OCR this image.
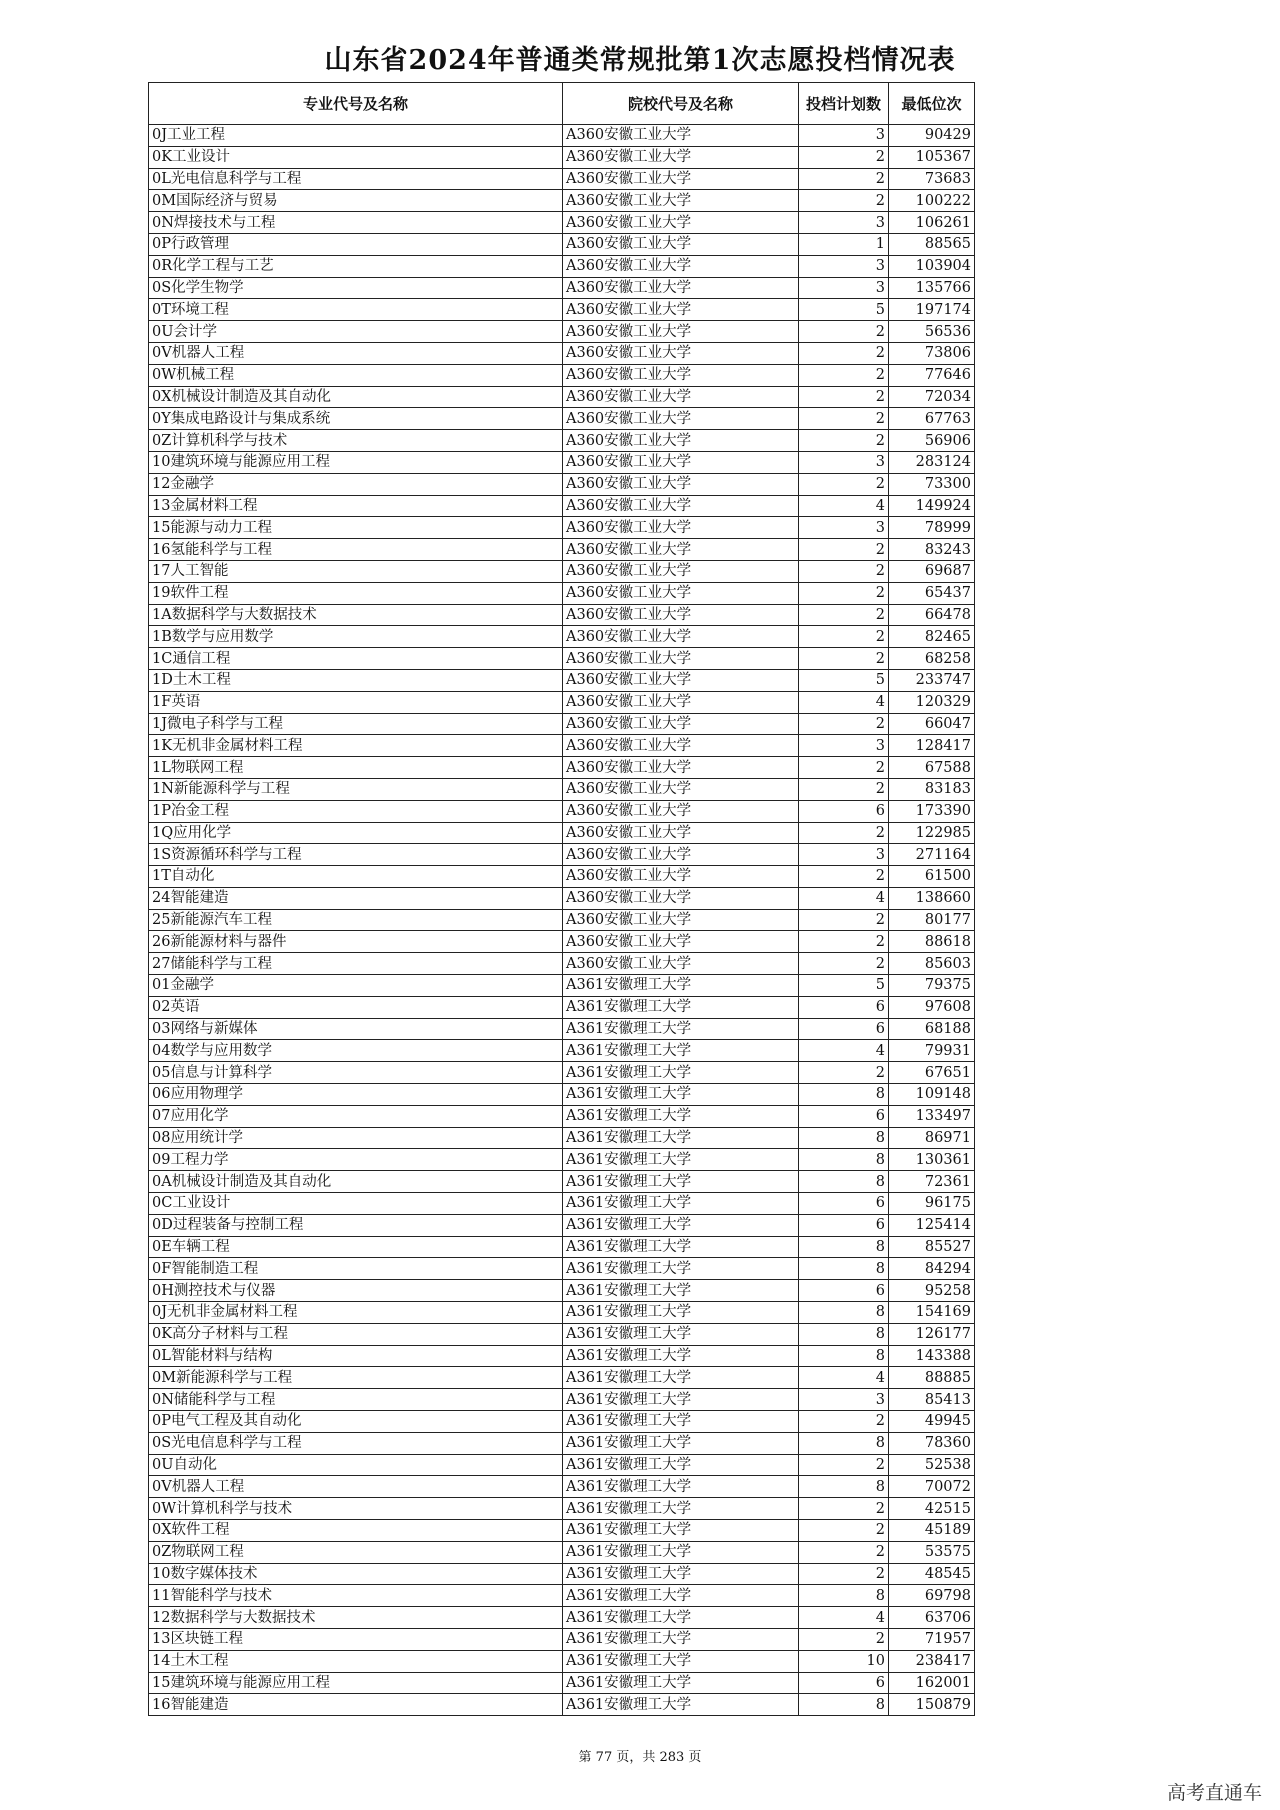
山东省2024年普通类常规批第1次志愿投档情况表
专业代号及名称	院校代号及名称	投档计划数	最低位次
0J工业工程	A360安徽工业大学	3	90429
0K工业设计	A360安徽工业大学	2	105367
0L光电信息科学与工程	A360安徽工业大学	2	73683
0M国际经济与贸易	A360安徽工业大学	2	100222
0N焊接技术与工程	A360安徽工业大学	3	106261
0P行政管理	A360安徽工业大学	1	88565
0R化学工程与工艺	A360安徽工业大学	3	103904
0S化学生物学	A360安徽工业大学	3	135766
0T环境工程	A360安徽工业大学	5	197174
0U会计学	A360安徽工业大学	2	56536
0V机器人工程	A360安徽工业大学	2	73806
0W机械工程	A360安徽工业大学	2	77646
0X机械设计制造及其自动化	A360安徽工业大学	2	72034
0Y集成电路设计与集成系统	A360安徽工业大学	2	67763
0Z计算机科学与技术	A360安徽工业大学	2	56906
10建筑环境与能源应用工程	A360安徽工业大学	3	283124
12金融学	A360安徽工业大学	2	73300
13金属材料工程	A360安徽工业大学	4	149924
15能源与动力工程	A360安徽工业大学	3	78999
16氢能科学与工程	A360安徽工业大学	2	83243
17人工智能	A360安徽工业大学	2	69687
19软件工程	A360安徽工业大学	2	65437
1A数据科学与大数据技术	A360安徽工业大学	2	66478
1B数学与应用数学	A360安徽工业大学	2	82465
1C通信工程	A360安徽工业大学	2	68258
1D土木工程	A360安徽工业大学	5	233747
1F英语	A360安徽工业大学	4	120329
1J微电子科学与工程	A360安徽工业大学	2	66047
1K无机非金属材料工程	A360安徽工业大学	3	128417
1L物联网工程	A360安徽工业大学	2	67588
1N新能源科学与工程	A360安徽工业大学	2	83183
1P冶金工程	A360安徽工业大学	6	173390
1Q应用化学	A360安徽工业大学	2	122985
1S资源循环科学与工程	A360安徽工业大学	3	271164
1T自动化	A360安徽工业大学	2	61500
24智能建造	A360安徽工业大学	4	138660
25新能源汽车工程	A360安徽工业大学	2	80177
26新能源材料与器件	A360安徽工业大学	2	88618
27储能科学与工程	A360安徽工业大学	2	85603
01金融学	A361安徽理工大学	5	79375
02英语	A361安徽理工大学	6	97608
03网络与新媒体	A361安徽理工大学	6	68188
04数学与应用数学	A361安徽理工大学	4	79931
05信息与计算科学	A361安徽理工大学	2	67651
06应用物理学	A361安徽理工大学	8	109148
07应用化学	A361安徽理工大学	6	133497
08应用统计学	A361安徽理工大学	8	86971
09工程力学	A361安徽理工大学	8	130361
0A机械设计制造及其自动化	A361安徽理工大学	8	72361
0C工业设计	A361安徽理工大学	6	96175
0D过程装备与控制工程	A361安徽理工大学	6	125414
0E车辆工程	A361安徽理工大学	8	85527
0F智能制造工程	A361安徽理工大学	8	84294
0H测控技术与仪器	A361安徽理工大学	6	95258
0J无机非金属材料工程	A361安徽理工大学	8	154169
0K高分子材料与工程	A361安徽理工大学	8	126177
0L智能材料与结构	A361安徽理工大学	8	143388
0M新能源科学与工程	A361安徽理工大学	4	88885
0N储能科学与工程	A361安徽理工大学	3	85413
0P电气工程及其自动化	A361安徽理工大学	2	49945
0S光电信息科学与工程	A361安徽理工大学	8	78360
0U自动化	A361安徽理工大学	2	52538
0V机器人工程	A361安徽理工大学	8	70072
0W计算机科学与技术	A361安徽理工大学	2	42515
0X软件工程	A361安徽理工大学	2	45189
0Z物联网工程	A361安徽理工大学	2	53575
10数字媒体技术	A361安徽理工大学	2	48545
11智能科学与技术	A361安徽理工大学	8	69798
12数据科学与大数据技术	A361安徽理工大学	4	63706
13区块链工程	A361安徽理工大学	2	71957
14土木工程	A361安徽理工大学	10	238417
15建筑环境与能源应用工程	A361安徽理工大学	6	162001
16智能建造	A361安徽理工大学	8	150879
第 77 页，共 283 页
高考直通车
